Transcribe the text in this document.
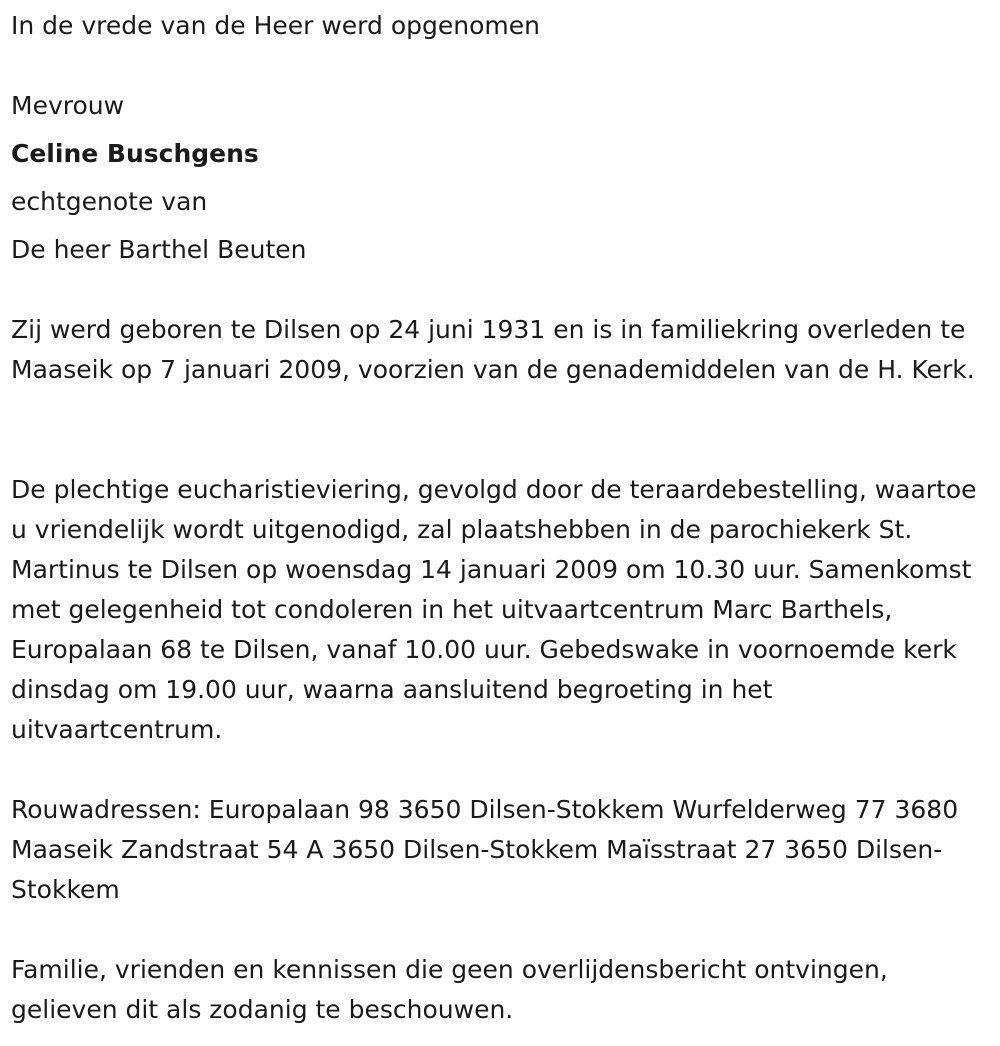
In de vrede van de Heer werd opgenomen

Mevrouw

Celine Buschgens

echtgenote van

De heer Barthel Beuten

Zij werd geboren te Dilsen op 24 juni 1931 en is in familiekring overleden te Maaseik op 7 januari 2009, voorzien van de genademiddelen van de H. Kerk.

De plechtige eucharistieviering, gevolgd door de teraardebestelling, waartoe u vriendelijk wordt uitgenodigd, zal plaatshebben in de parochiekerk St. Martinus te Dilsen op woensdag 14 januari 2009 om 10.30 uur. Samenkomst met gelegenheid tot condoleren in het uitvaartcentrum Marc Barthels, Europalaan 68 te Dilsen, vanaf 10.00 uur. Gebedswake in voornoemde kerk dinsdag om 19.00 uur, waarna aansluitend begroeting in het uitvaartcentrum.

Rouwadressen: Europalaan 98 3650 Dilsen-Stokkem Wurfelderweg 77 3680 Maaseik Zandstraat 54 A 3650 Dilsen-Stokkem Maïsstraat 27 3650 Dilsen-Stokkem

Familie, vrienden en kennissen die geen overlijdensbericht ontvingen, gelieven dit als zodanig te beschouwen.
